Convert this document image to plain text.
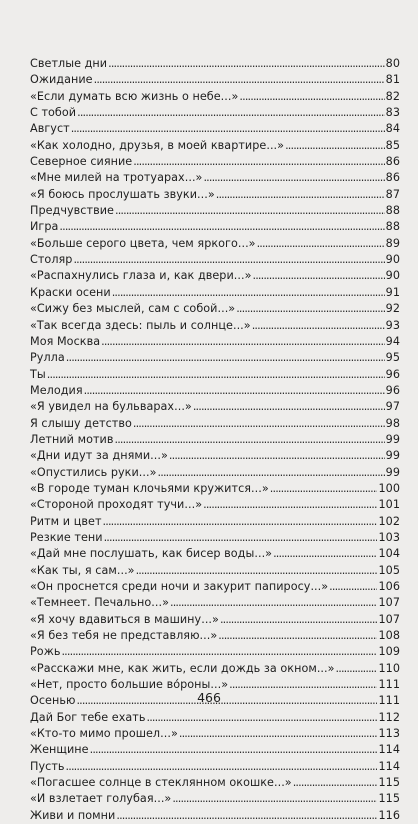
Светлые дни . . .	80
Ожидание . . .	81
«Если думать всю жизнь о небе...» . . .	82
С тобой . . .	83
Август . . .	84
«Как холодно, друзья, в моей квартире...» . . .	85
Северное сияние . . .	86
«Мне милей на тротуарах...» . . .	86
«Я боюсь прослушать звуки...» . . .	87
Предчувствие . . .	88
Игра . . .	88
«Больше серого цвета, чем яркого...» . . .	89
Столяр . . .	90
«Распахнулись глаза и, как двери...» . . .	90
Краски осени . . .	91
«Сижу без мыслей, сам с собой...» . . .	92
«Так всегда здесь: пыль и солнце...» . . .	93
Моя Москва . . .	94
Рулла . . .	95
Ты . . .	96
Мелодия . . .	96
«Я увидел на бульварах...» . . .	97
Я слышу детство . . .	98
Летний мотив . . .	99
«Дни идут за днями...» . . .	99
«Опустились руки...» . . .	99
«В городе туман клочьями кружится...» . . .	100
«Стороной проходят тучи...» . . .	101
Ритм и цвет . . .	102
Резкие тени . . .	103
«Дай мне послушать, как бисер воды...» . . .	104
«Как ты, я сам...» . . .	105
«Он проснется среди ночи и закурит папиросу...» . . .	106
«Темнеет. Печально...» . . .	107
«Я хочу вдавиться в машину...» . . .	107
«Я без тебя не представляю...» . . .	108
Рожь . . .	109
«Расскажи мне, как жить, если дождь за окном...» . . .	110
«Нет, просто большие во́роны...» . . .	111
Осенью . . .	111
Дай Бог тебе ехать . . .	112
«Кто-то мимо прошел...» . . .	113
Женщине . . .	114
Пусть . . .	114
«Погасшее солнце в стеклянном окошке...» . . .	115
«И взлетает голубая...» . . .	115
Живи и помни . . .	116
466
